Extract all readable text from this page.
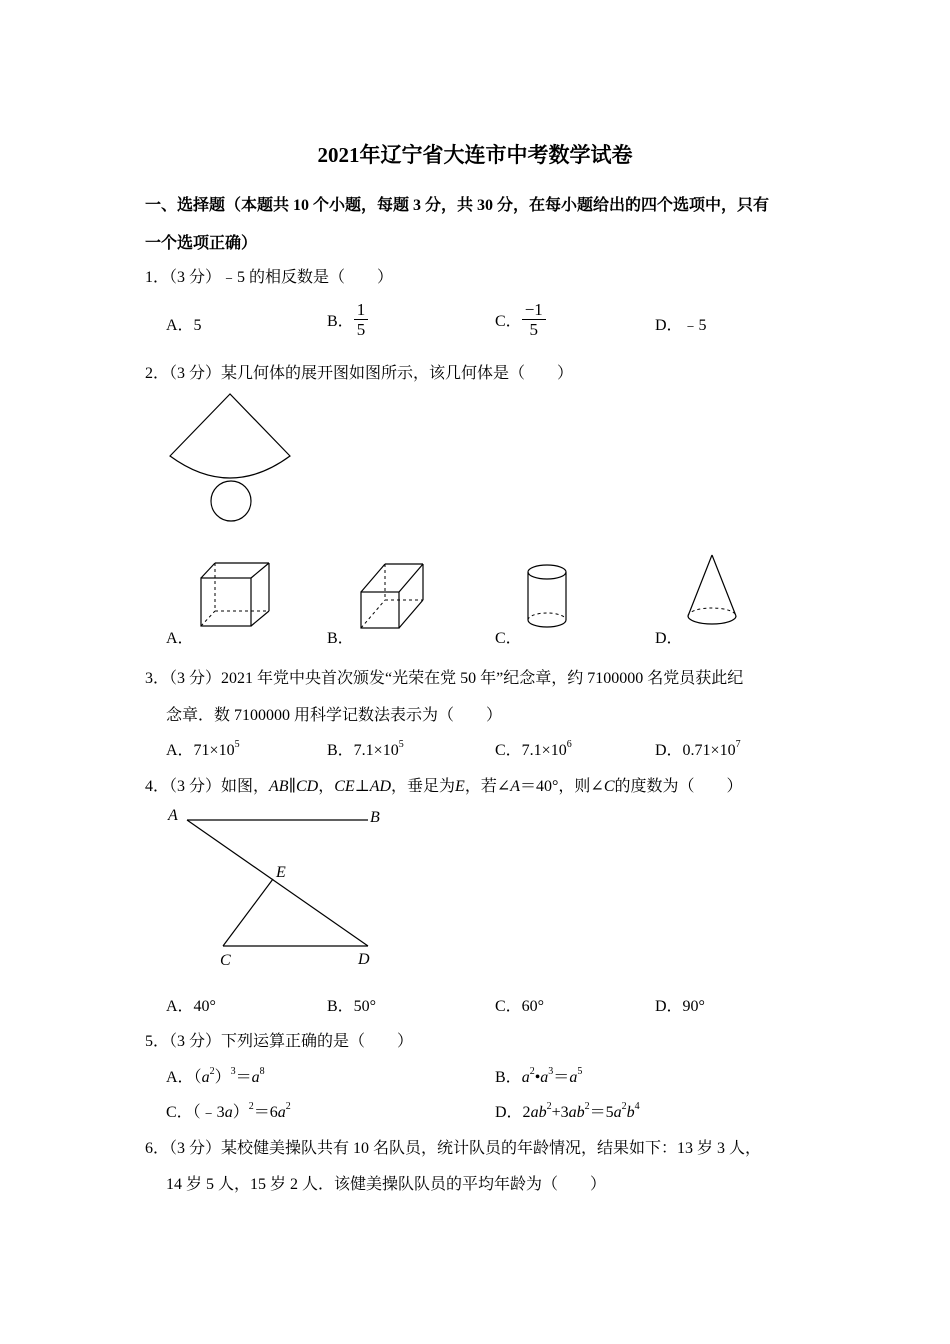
2021年辽宁省大连市中考数学试卷
一、选择题（本题共 10 个小题，每题 3 分，共 30 分，在每小题给出的四个选项中，只有
一个选项正确）
1．（3 分）﹣5 的相反数是（　　）
A．5	B． $\frac{1}{5}$	C． $\frac{-1}{5}$	D．﹣5
2．（3 分）某几何体的展开图如图所示，该几何体是（　　）
A．	B．	C．	D．
3．（3 分）2021 年党中央首次颁发“光荣在党 50 年”纪念章，约 7100000 名党员获此纪
念章．数 7100000 用科学记数法表示为（　　）
A．$71\times 10^5$	B．$7.1\times 10^5$	C．$7.1\times 10^6$	D．$0.71\times 10^7$
4．（3 分）如图，AB∥CD，CE⊥AD，垂足为E，若∠A＝40°，则∠C的度数为（　　）
A	B
E
C	D
A．40°	B．50°	C．60°	D．90°
5．（3 分）下列运算正确的是（　　）
A．$(a^2)^3=a^8$	B．$a^2•a^3=a^5$
C．$(﹣3a)^2=6a^2$	D．$2ab^2+3ab^2=5a^2b^4$
6．（3 分）某校健美操队共有 10 名队员，统计队员的年龄情况，结果如下：13 岁 3 人，
14 岁 5 人，15 岁 2 人．该健美操队队员的平均年龄为（　　）
